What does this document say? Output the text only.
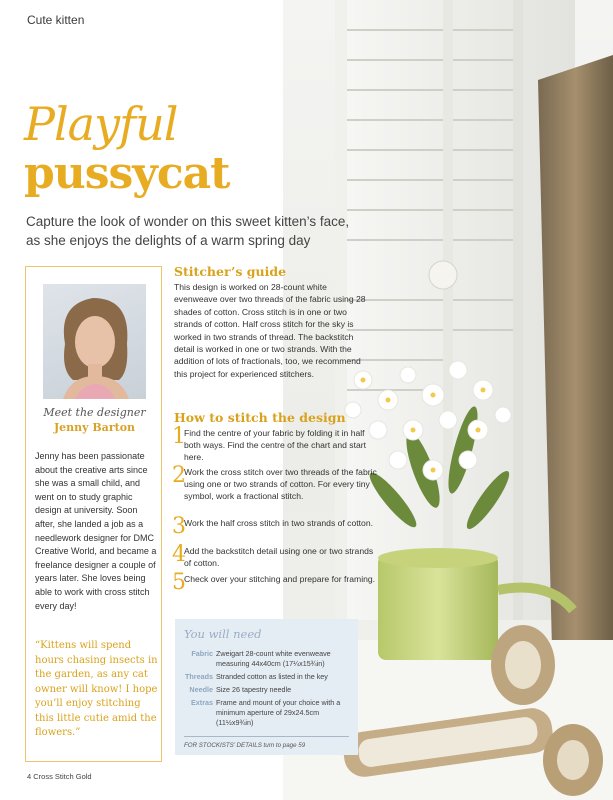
Cute kitten
Playful
pussycat
Capture the look of wonder on this sweet kitten’s face, as she enjoys the delights of a warm spring day
Meet the designer
Jenny Barton
Jenny has been passionate about the creative arts since she was a small child, and went on to study graphic design at university. Soon after, she landed a job as a needlework designer for DMC Creative World, and became a freelance designer a couple of years later. She loves being able to work with cross stitch every day!
“Kittens will spend hours chasing insects in the garden, as any cat owner will know! I hope you’ll enjoy stitching this little cutie amid the flowers.”
Stitcher’s guide
This design is worked on 28-count white evenweave over two threads of the fabric using 28 shades of cotton. Cross stitch is in one or two strands of cotton. Half cross stitch for the sky is worked in two strands of thread. The backstitch detail is worked in one or two strands. With the addition of lots of fractionals, too, we recommend this project for experienced stitchers.
How to stitch the design
1
Find the centre of your fabric by folding it in half both ways. Find the centre of the chart and start here.
2
Work the cross stitch over two threads of the fabric using one or two strands of cotton. For every tiny symbol, work a fractional stitch.
3
Work the half cross stitch in two strands of cotton.
4
Add the backstitch detail using one or two strands of cotton.
5
Check over your stitching and prepare for framing.
You will need
Fabric Zweigart 28-count white evenweave measuring 44x40cm (17¼x15¾in)
Threads Stranded cotton as listed in the key
Needle Size 26 tapestry needle
Extras Frame and mount of your choice with a minimum aperture of 29x24.5cm (11½x9¾in)
FOR STOCKISTS’ DETAILS turn to page 59
4 Cross Stitch Gold
